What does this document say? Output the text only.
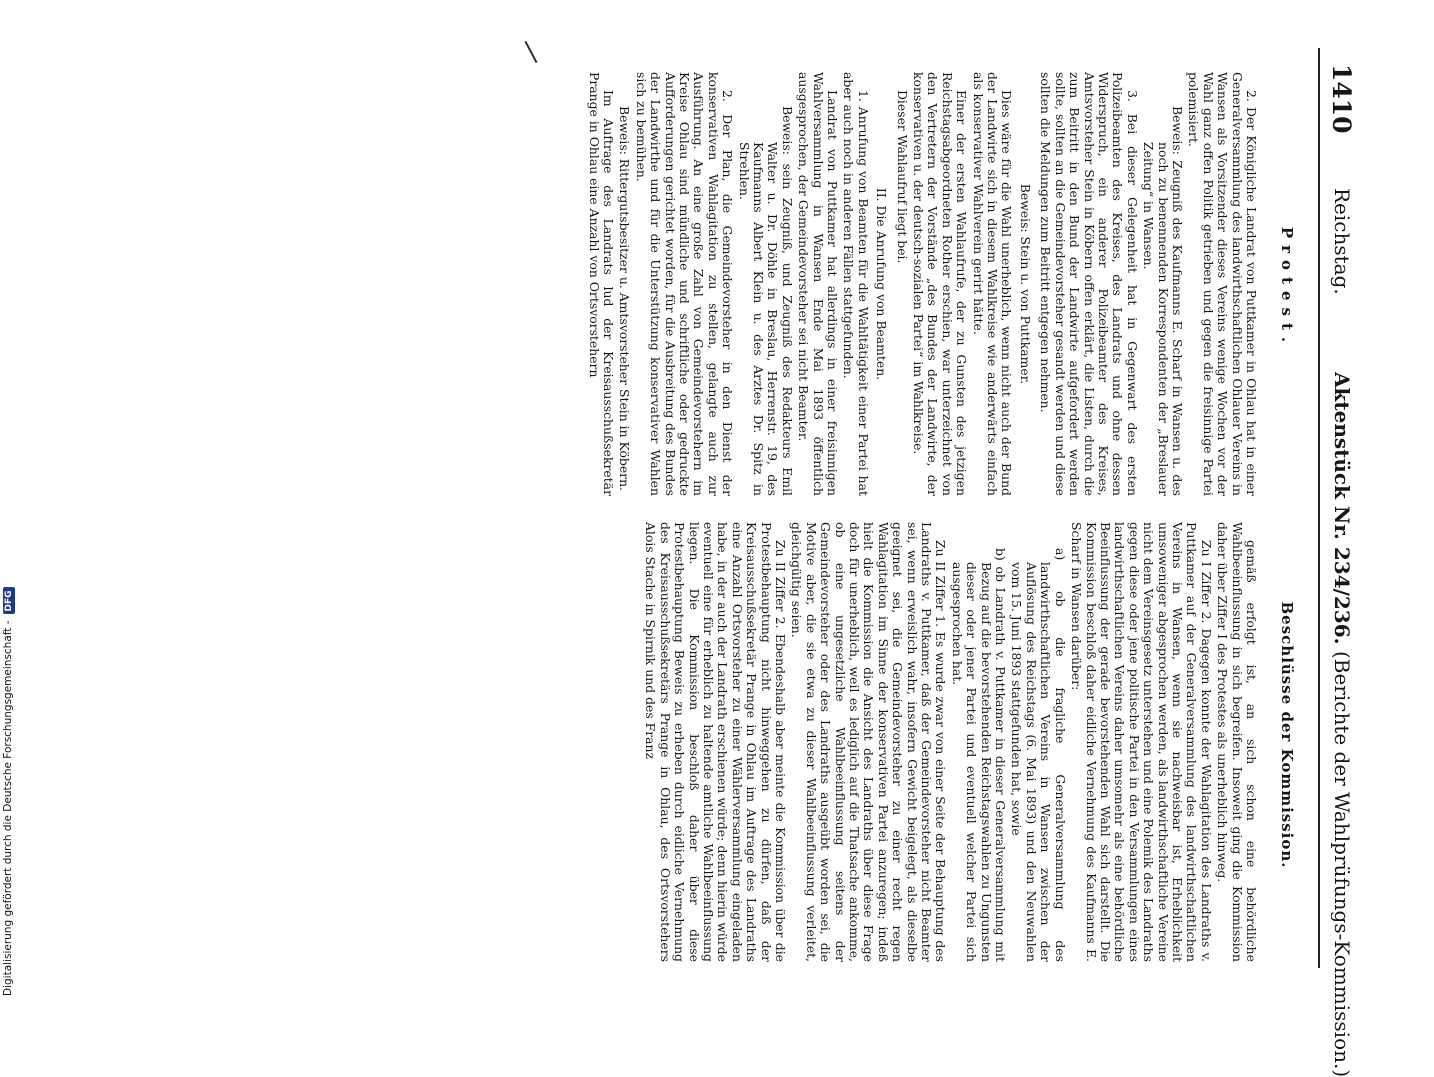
1410
Reichstag.
Aktenstück Nr. 234/236. (Berichte der Wahlprüfungs-Kommission.)
Protest.
Beschlüsse der Kommission.

2. Der Königliche Landrat von Puttkamer in Ohlau hat in einer Generalversammlung des landwirthschaftlichen Ohlauer Vereins in Wansen als Vorsitzender dieses Vereins wenige Wochen vor der Wahl ganz offen Politik getrieben und gegen die freisinnige Partei polemisiert.

Beweis: Zeugniß des Kaufmanns E. Scharf in Wansen u. des noch zu benennenden Korrespondenten der „Breslauer Zeitung“ in Wansen.

3. Bei dieser Gelegenheit hat in Gegenwart des ersten Polizeibeamten des Kreises, des Landrats und ohne dessen Widerspruch, ein anderer Polizeibeamter des Kreises, Amtsvorsteher Stein in Köbern offen erklärt, die Listen, durch die zum Beitritt in den Bund der Landwirte aufgefordert werden sollte, sollten an die Gemeindevorsteher gesandt werden und diese sollten die Meldungen zum Beitritt entgegen nehmen.

Beweis: Stein u. von Puttkamer.

Dies wäre für die Wahl unerheblich, wenn nicht auch der Bund der Landwirte sich in diesem Wahlkreise wie anderwärts einfach als konservativer Wahlverein gerirt hätte.

Einer der ersten Wahlaufrufe, der zu Gunsten des jetzigen Reichstagsabgeordneten Rother erschien, war unterzeichnet von den Vertretern der Vorstände „des Bundes der Landwirte, der konservativen u. der deutsch-sozialen Partei“ im Wahlkreise.

Dieser Wahlaufruf liegt bei.

II. Die Anrufung von Beamten.

1. Anrufung von Beamten für die Wahltätigkeit einer Partei hat aber auch noch in anderen Fällen stattgefunden.

Landrat von Puttkamer hat allerdings in einer freisinnigen Wahlversammlung in Wansen Ende Mai 1893 öffentlich ausgesprochen, der Gemeindevorsteher sei nicht Beamter.

Beweis: sein Zeugniß, und Zeugniß des Redakteurs Emil Walter u. Dr. Döhle in Breslau, Herrenstr. 19, des Kaufmanns Albert Klein u. des Arztes Dr. Spitz in Strehlen.

2. Der Plan, die Gemeindevorsteher in den Dienst der konservativen Wahlagitation zu stellen, gelangte auch zur Ausführung. An eine große Zahl von Gemeindevorstehern im Kreise Ohlau sind mündliche und schriftliche oder gedruckte Aufforderungen gerichtet worden, für die Ausbreitung des Bundes der Landwirthe und für die Unterstützung konservativer Wahlen sich zu bemühen.

Beweis: Rittergutsbesitzer u. Amtsvorsteher Stein in Köbern.

Im Auftrage des Landrats lud der Kreisausschußsekretär Prange in Ohlau eine Anzahl von Ortsvorstehern

gemäß erfolgt ist, an sich schon eine behördliche Wahlbeeinflussung in sich begreifen. Insoweit ging die Kommission daher über Ziffer I des Protestes als unerheblich hinweg.

Zu I Ziffer 2. Dagegen konnte der Wahlagitation des Landraths v. Puttkamer auf der Generalversammlung des landwirthschaftlichen Vereins in Wansen, wenn sie nachweisbar ist, Erheblichkeit umsoweniger abgesprochen werden, als landwirthschaftliche Vereine nicht dem Vereinsgesetz unterstehen und eine Polemik des Landraths gegen diese oder jene politische Partei in den Versammlungen eines landwirthschaftlichen Vereins daher umsomehr als eine behördliche Beeinflussung der gerade bevorstehenden Wahl sich darstellt. Die Kommission beschloß daher eidliche Vernehmung des Kaufmanns E. Scharf in Wansen darüber:

a) ob die fragliche Generalversammlung des landwirthschaftlichen Vereins in Wansen zwischen der Auflösung des Reichstags (6. Mai 1893) und den Neuwahlen vom 15. Juni 1893 stattgefunden hat, sowie

b) ob Landrath v. Puttkamer in dieser Generalversammlung mit Bezug auf die bevorstehenden Reichstagswahlen zu Ungunsten dieser oder jener Partei und eventuell welcher Partei sich ausgesprochen hat.

Zu II Ziffer 1. Es wurde zwar von einer Seite der Behauptung des Landraths v. Puttkamer, daß der Gemeindevorsteher nicht Beamter sei, wenn erweislich wahr, insofern Gewicht beigelegt, als dieselbe geeignet sei, die Gemeindevorsteher zu einer recht regen Wahlagitation im Sinne der konservativen Partei anzuregen; indeß hielt die Kommission die Ansicht des Landraths über diese Frage doch für unerheblich, weil es lediglich auf die Thatsache ankomme, ob eine ungesetzliche Wahlbeeinflussung seitens der Gemeindevorsteher oder des Landraths ausgeübt worden sei, die Motive aber, die sie etwa zu dieser Wahlbeeinflussung verleitet, gleichgültig seien.

Zu II Ziffer 2. Ebendeshalb aber meinte die Kommission über die Protestbehauptung nicht hinweggehen zu dürfen, daß der Kreisausschußsekretär Prange in Ohlau im Auftrage des Landraths eine Anzahl Ortsvorsteher zu einer Wählerversammlung eingeladen habe, in der auch der Landrath erschienen würde; denn hierin würde eventuell eine für erheblich zu haltende amtliche Wahlbeeinflussung liegen. Die Kommission beschloß daher über diese Protestbehauptung Beweis zu erheben durch eidliche Vernehmung des Kreisausschußsekretärs Prange in Ohlau, des Ortsvorstehers Alois Stache in Spirnik und des Franz

Digitalisierung gefördert durch die Deutsche Forschungsgemeinschaft -DFG
